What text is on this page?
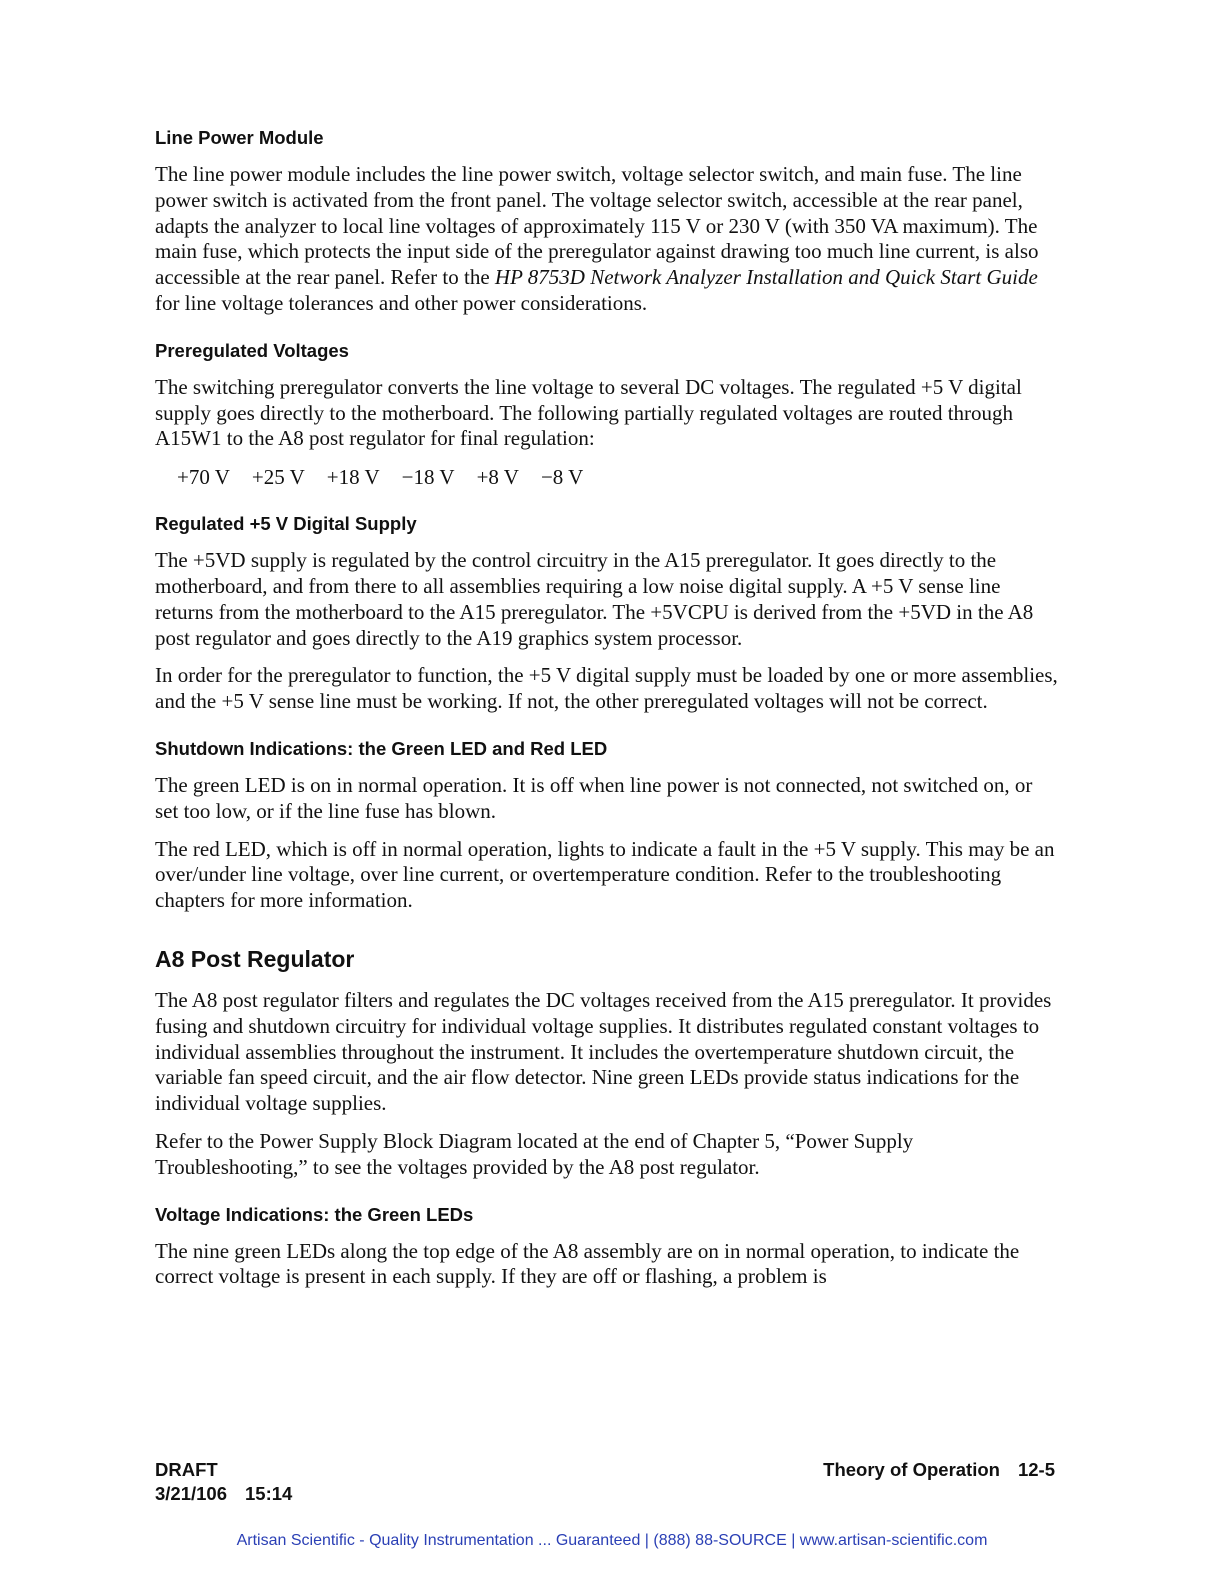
Line Power Module

The line power module includes the line power switch, voltage selector switch, and main fuse. The line power switch is activated from the front panel. The voltage selector switch, accessible at the rear panel, adapts the analyzer to local line voltages of approximately 115 V or 230 V (with 350 VA maximum). The main fuse, which protects the input side of the preregulator against drawing too much line current, is also accessible at the rear panel. Refer to the HP 8753D Network Analyzer Installation and Quick Start Guide for line voltage tolerances and other power considerations.

Preregulated Voltages

The switching preregulator converts the line voltage to several DC voltages. The regulated +5 V digital supply goes directly to the motherboard. The following partially regulated voltages are routed through A15W1 to the A8 post regulator for final regulation:

+70 V +25 V +18 V −18 V +8 V −8 V
Regulated +5 V Digital Supply

The +5VD supply is regulated by the control circuitry in the A15 preregulator. It goes directly to the motherboard, and from there to all assemblies requiring a low noise digital supply. A +5 V sense line returns from the motherboard to the A15 preregulator. The +5VCPU is derived from the +5VD in the A8 post regulator and goes directly to the A19 graphics system processor.

In order for the preregulator to function, the +5 V digital supply must be loaded by one or more assemblies, and the +5 V sense line must be working. If not, the other preregulated voltages will not be correct.

Shutdown Indications: the Green LED and Red LED

The green LED is on in normal operation. It is off when line power is not connected, not switched on, or set too low, or if the line fuse has blown.

The red LED, which is off in normal operation, lights to indicate a fault in the +5 V supply. This may be an over/under line voltage, over line current, or overtemperature condition. Refer to the troubleshooting chapters for more information.

A8 Post Regulator

The A8 post regulator filters and regulates the DC voltages received from the A15 preregulator. It provides fusing and shutdown circuitry for individual voltage supplies. It distributes regulated constant voltages to individual assemblies throughout the instrument. It includes the overtemperature shutdown circuit, the variable fan speed circuit, and the air flow detector. Nine green LEDs provide status indications for the individual voltage supplies.

Refer to the Power Supply Block Diagram located at the end of Chapter 5, “Power Supply Troubleshooting,” to see the voltages provided by the A8 post regulator.

Voltage Indications: the Green LEDs

The nine green LEDs along the top edge of the A8 assembly are on in normal operation, to indicate the correct voltage is present in each supply. If they are off or flashing, a problem is

DRAFT
3/21/106 15:14
Theory of Operation 12-5
Artisan Scientific - Quality Instrumentation ... Guaranteed | (888) 88-SOURCE | www.artisan-scientific.com
